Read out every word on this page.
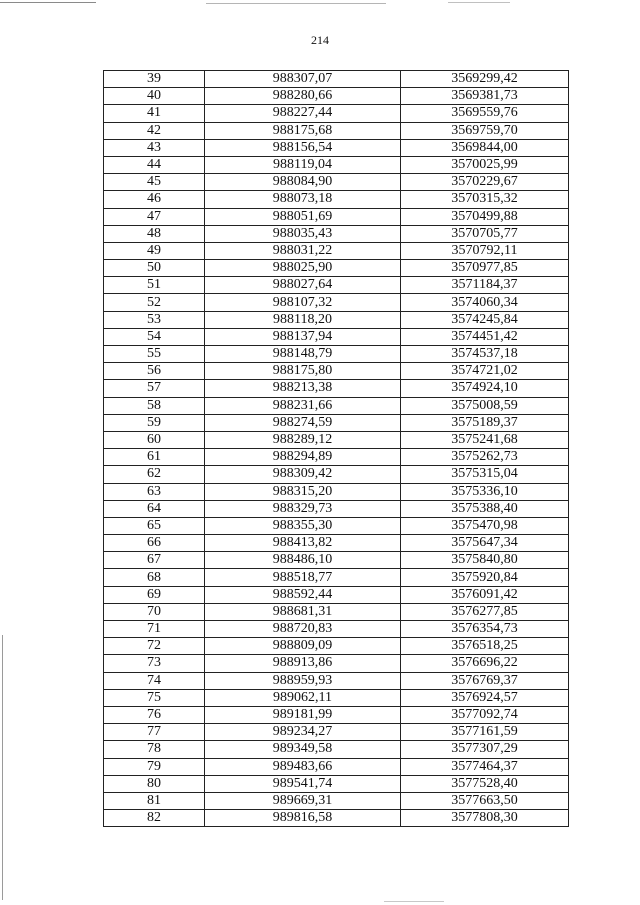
214
39	988307,07	3569299,42
40	988280,66	3569381,73
41	988227,44	3569559,76
42	988175,68	3569759,70
43	988156,54	3569844,00
44	988119,04	3570025,99
45	988084,90	3570229,67
46	988073,18	3570315,32
47	988051,69	3570499,88
48	988035,43	3570705,77
49	988031,22	3570792,11
50	988025,90	3570977,85
51	988027,64	3571184,37
52	988107,32	3574060,34
53	988118,20	3574245,84
54	988137,94	3574451,42
55	988148,79	3574537,18
56	988175,80	3574721,02
57	988213,38	3574924,10
58	988231,66	3575008,59
59	988274,59	3575189,37
60	988289,12	3575241,68
61	988294,89	3575262,73
62	988309,42	3575315,04
63	988315,20	3575336,10
64	988329,73	3575388,40
65	988355,30	3575470,98
66	988413,82	3575647,34
67	988486,10	3575840,80
68	988518,77	3575920,84
69	988592,44	3576091,42
70	988681,31	3576277,85
71	988720,83	3576354,73
72	988809,09	3576518,25
73	988913,86	3576696,22
74	988959,93	3576769,37
75	989062,11	3576924,57
76	989181,99	3577092,74
77	989234,27	3577161,59
78	989349,58	3577307,29
79	989483,66	3577464,37
80	989541,74	3577528,40
81	989669,31	3577663,50
82	989816,58	3577808,30
